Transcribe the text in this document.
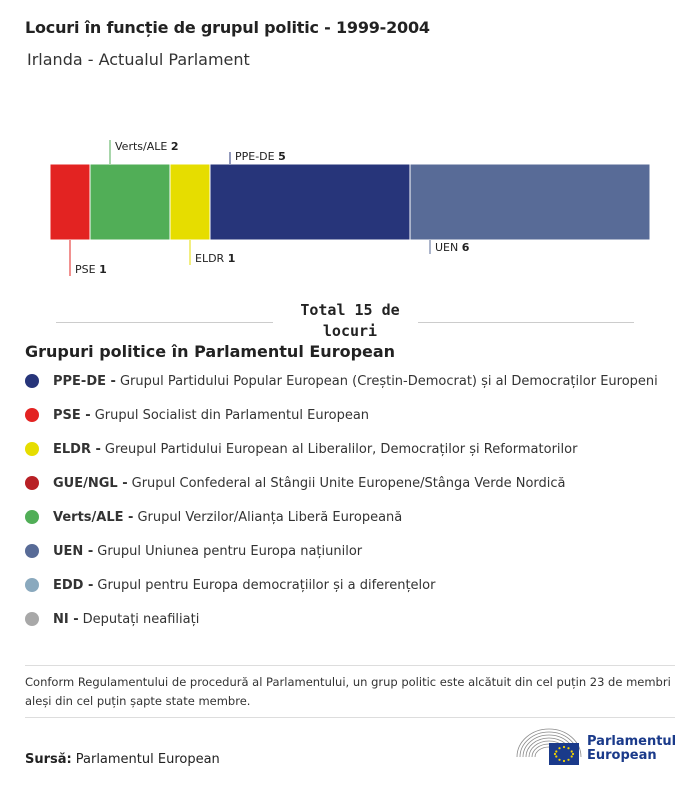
Locuri în funcție de grupul politic - 1999-2004
Irlanda - Actualul Parlament
PSE 1
Verts/ALE 2
ELDR 1
PPE-DE 5
UEN 6
Total 15 de locuri
Grupuri politice în Parlamentul European
PPE-DE - Grupul Partidului Popular European (Creștin-Democrat) și al Democraților Europeni
PSE - Grupul Socialist din Parlamentul European
ELDR - Greupul Partidului European al Liberalilor, Democraților și Reformatorilor
GUE/NGL - Grupul Confederal al Stângii Unite Europene/Stânga Verde Nordică
Verts/ALE - Grupul Verzilor/Alianța Liberă Europeană
UEN - Grupul Uniunea pentru Europa națiunilor
EDD - Grupul pentru Europa democrațiilor și a diferențelor
NI - Deputați neafiliați
Conform Regulamentului de procedură al Parlamentului, un grup politic este alcătuit din cel puțin 23 de membri aleși din cel puțin șapte state membre.
Sursă: Parlamentul European
Parlamentul
European
